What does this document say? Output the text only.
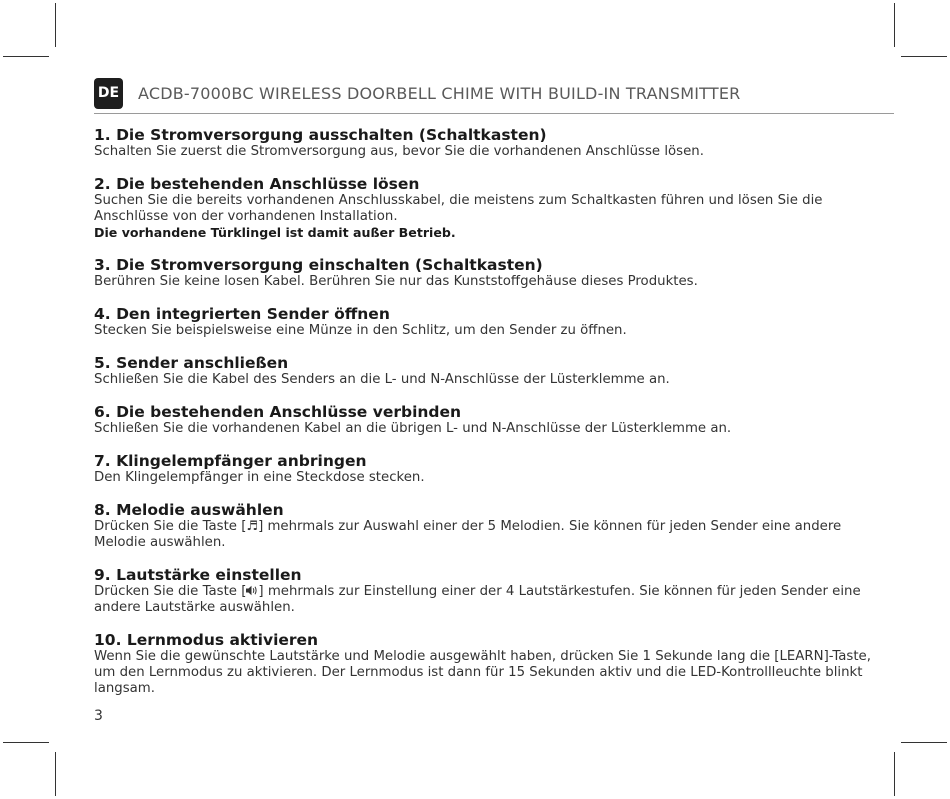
DE ACDB-7000BC WIRELESS DOORBELL CHIME WITH BUILD-IN TRANSMITTER
1. Die Stromversorgung ausschalten (Schaltkasten)
Schalten Sie zuerst die Stromversorgung aus, bevor Sie die vorhandenen Anschlüsse lösen.
2. Die bestehenden Anschlüsse lösen
Suchen Sie die bereits vorhandenen Anschlusskabel, die meistens zum Schaltkasten führen und lösen Sie die Anschlüsse von der vorhandenen Installation.
Die vorhandene Türklingel ist damit außer Betrieb.
3. Die Stromversorgung einschalten (Schaltkasten)
Berühren Sie keine losen Kabel. Berühren Sie nur das Kunststoffgehäuse dieses Produktes.
4. Den integrierten Sender öffnen
Stecken Sie beispielsweise eine Münze in den Schlitz, um den Sender zu öffnen.
5. Sender anschließen
Schließen Sie die Kabel des Senders an die L- und N-Anschlüsse der Lüsterklemme an.
6. Die bestehenden Anschlüsse verbinden
Schließen Sie die vorhandenen Kabel an die übrigen L- und N-Anschlüsse der Lüsterklemme an.
7. Klingelempfänger anbringen
Den Klingelempfänger in eine Steckdose stecken.
8. Melodie auswählen
Drücken Sie die Taste [♬] mehrmals zur Auswahl einer der 5 Melodien. Sie können für jeden Sender eine andere Melodie auswählen.
9. Lautstärke einstellen
Drücken Sie die Taste [ ] mehrmals zur Einstellung einer der 4 Lautstärkestufen. Sie können für jeden Sender eine andere Lautstärke auswählen.
10. Lernmodus aktivieren
Wenn Sie die gewünschte Lautstärke und Melodie ausgewählt haben, drücken Sie 1 Sekunde lang die [LEARN]-Taste, um den Lernmodus zu aktivieren. Der Lernmodus ist dann für 15 Sekunden aktiv und die LED-Kontrollleuchte blinkt langsam.
3
